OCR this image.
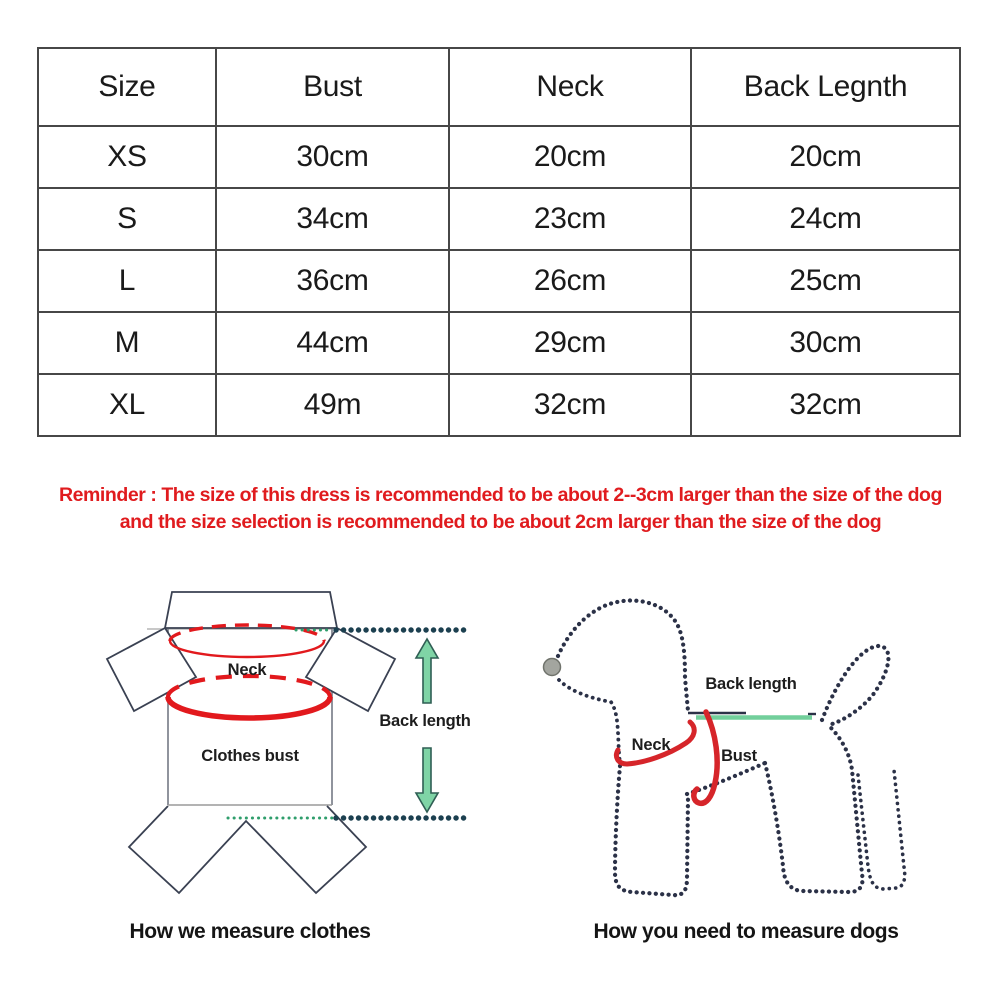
Size	Bust	Neck	Back Legnth
XS	30cm	20cm	20cm
S	34cm	23cm	24cm
L	36cm	26cm	25cm
M	44cm	29cm	30cm
XL	49m	32cm	32cm
Reminder : The size of this dress is recommended to be about 2--3cm larger than the size of the dog
and the size selection is recommended to be about 2cm larger than the size of the dog
Neck
Clothes bust
Back length
How we measure clothes
Back length
Neck
Bust
How you need to measure dogs
